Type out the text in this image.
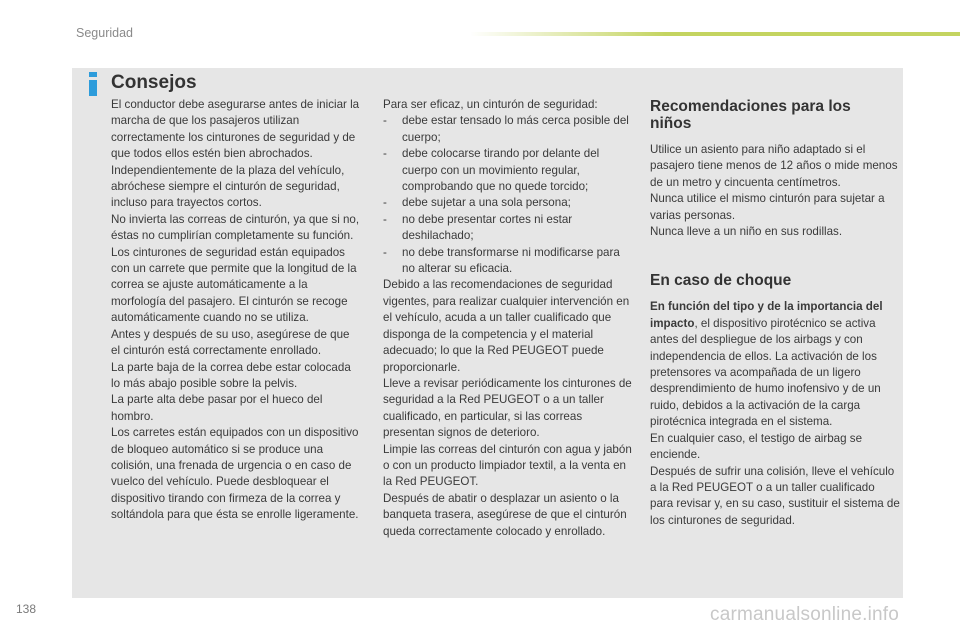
Seguridad
Consejos

El conductor debe asegurarse antes de iniciar la marcha de que los pasajeros utilizan correctamente los cinturones de seguridad y de que todos ellos estén bien abrochados.

Independientemente de la plaza del vehículo, abróchese siempre el cinturón de seguridad, incluso para trayectos cortos.

No invierta las correas de cinturón, ya que si no, éstas no cumplirían completamente su función.

Los cinturones de seguridad están equipados con un carrete que permite que la longitud de la correa se ajuste automáticamente a la morfología del pasajero. El cinturón se recoge automáticamente cuando no se utiliza.

Antes y después de su uso, asegúrese de que el cinturón está correctamente enrollado.

La parte baja de la correa debe estar colocada lo más abajo posible sobre la pelvis.

La parte alta debe pasar por el hueco del hombro.

Los carretes están equipados con un dispositivo de bloqueo automático si se produce una colisión, una frenada de urgencia o en caso de vuelco del vehículo. Puede desbloquear el dispositivo tirando con firmeza de la correa y soltándola para que ésta se enrolle ligeramente.

Para ser eficaz, un cinturón de seguridad:

- debe estar tensado lo más cerca posible del cuerpo;
- debe colocarse tirando por delante del cuerpo con un movimiento regular, comprobando que no quede torcido;
- debe sujetar a una sola persona;
- no debe presentar cortes ni estar deshilachado;
- no debe transformarse ni modificarse para no alterar su eficacia.

Debido a las recomendaciones de seguridad vigentes, para realizar cualquier intervención en el vehículo, acuda a un taller cualificado que disponga de la competencia y el material adecuado; lo que la Red PEUGEOT puede proporcionarle.

Lleve a revisar periódicamente los cinturones de seguridad a la Red PEUGEOT o a un taller cualificado, en particular, si las correas presentan signos de deterioro.

Limpie las correas del cinturón con agua y jabón o con un producto limpiador textil, a la venta en la Red PEUGEOT.

Después de abatir o desplazar un asiento o la banqueta trasera, asegúrese de que el cinturón queda correctamente colocado y enrollado.

Recomendaciones para los niños

Utilice un asiento para niño adaptado si el pasajero tiene menos de 12 años o mide menos de un metro y cincuenta centímetros.

Nunca utilice el mismo cinturón para sujetar a varias personas.

Nunca lleve a un niño en sus rodillas.

En caso de choque

En función del tipo y de la importancia del impacto, el dispositivo pirotécnico se activa antes del despliegue de los airbags y con independencia de ellos. La activación de los pretensores va acompañada de un ligero desprendimiento de humo inofensivo y de un ruido, debidos a la activación de la carga pirotécnica integrada en el sistema.

En cualquier caso, el testigo de airbag se enciende.

Después de sufrir una colisión, lleve el vehículo a la Red PEUGEOT o a un taller cualificado para revisar y, en su caso, sustituir el sistema de los cinturones de seguridad.

138	carmanualsonline.info
